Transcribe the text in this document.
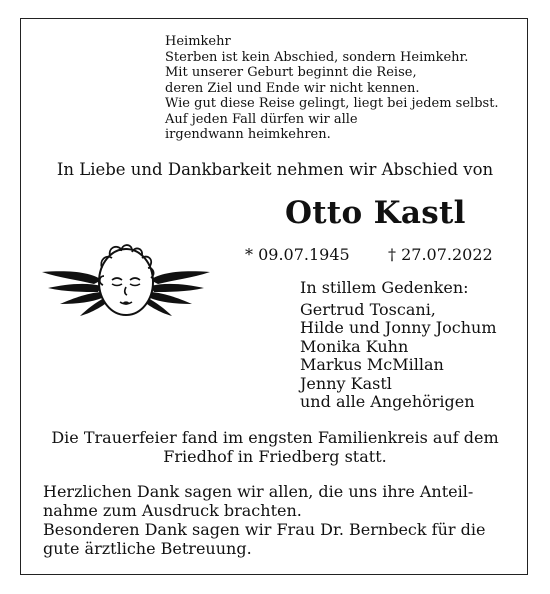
Heimkehr
Sterben ist kein Abschied, sondern Heimkehr.
Mit unserer Geburt beginnt die Reise,
deren Ziel und Ende wir nicht kennen.
Wie gut diese Reise gelingt, liegt bei jedem selbst.
Auf jeden Fall dürfen wir alle
irgendwann heimkehren.
In Liebe und Dankbarkeit nehmen wir Abschied von
Otto Kastl
* 09.07.1945 † 27.07.2022
In stillem Gedenken:
Gertrud Toscani,
Hilde und Jonny Jochum
Monika Kuhn
Markus McMillan
Jenny Kastl
und alle Angehörigen
Die Trauerfeier fand im engsten Familienkreis auf dem
Friedhof in Friedberg statt.
Herzlichen Dank sagen wir allen, die uns ihre Anteil-
nahme zum Ausdruck brachten.
Besonderen Dank sagen wir Frau Dr. Bernbeck für die
gute ärztliche Betreuung.
